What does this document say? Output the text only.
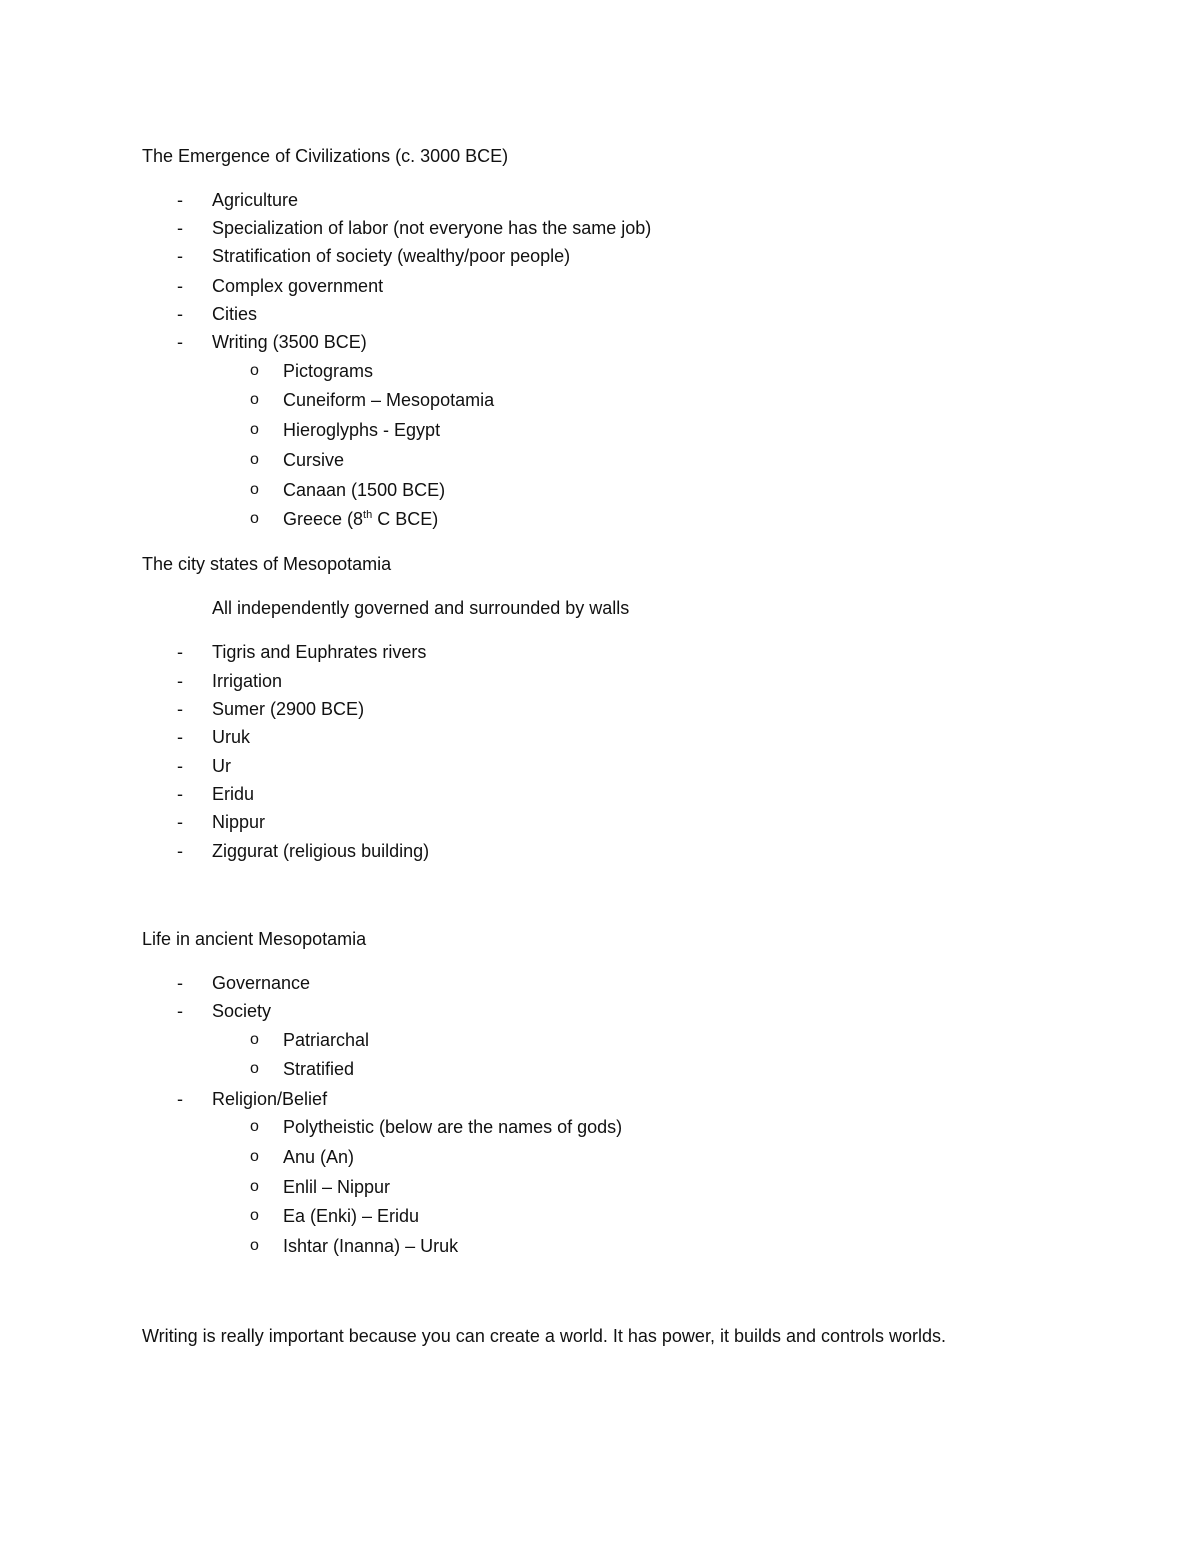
The Emergence of Civilizations (c. 3000 BCE)
- Agriculture
- Specialization of labor (not everyone has the same job)
- Stratification of society (wealthy/poor people)
- Complex government
- Cities
- Writing (3500 BCE)
o Pictograms
o Cuneiform – Mesopotamia
o Hieroglyphs - Egypt
o Cursive
o Canaan (1500 BCE)
o Greece (8th C BCE)
The city states of Mesopotamia
All independently governed and surrounded by walls
- Tigris and Euphrates rivers
- Irrigation
- Sumer (2900 BCE)
- Uruk
- Ur
- Eridu
- Nippur
- Ziggurat (religious building)
Life in ancient Mesopotamia
- Governance
- Society
o Patriarchal
o Stratified
- Religion/Belief
o Polytheistic (below are the names of gods)
o Anu (An)
o Enlil – Nippur
o Ea (Enki) – Eridu
o Ishtar (Inanna) – Uruk
Writing is really important because you can create a world. It has power, it builds and controls worlds.
